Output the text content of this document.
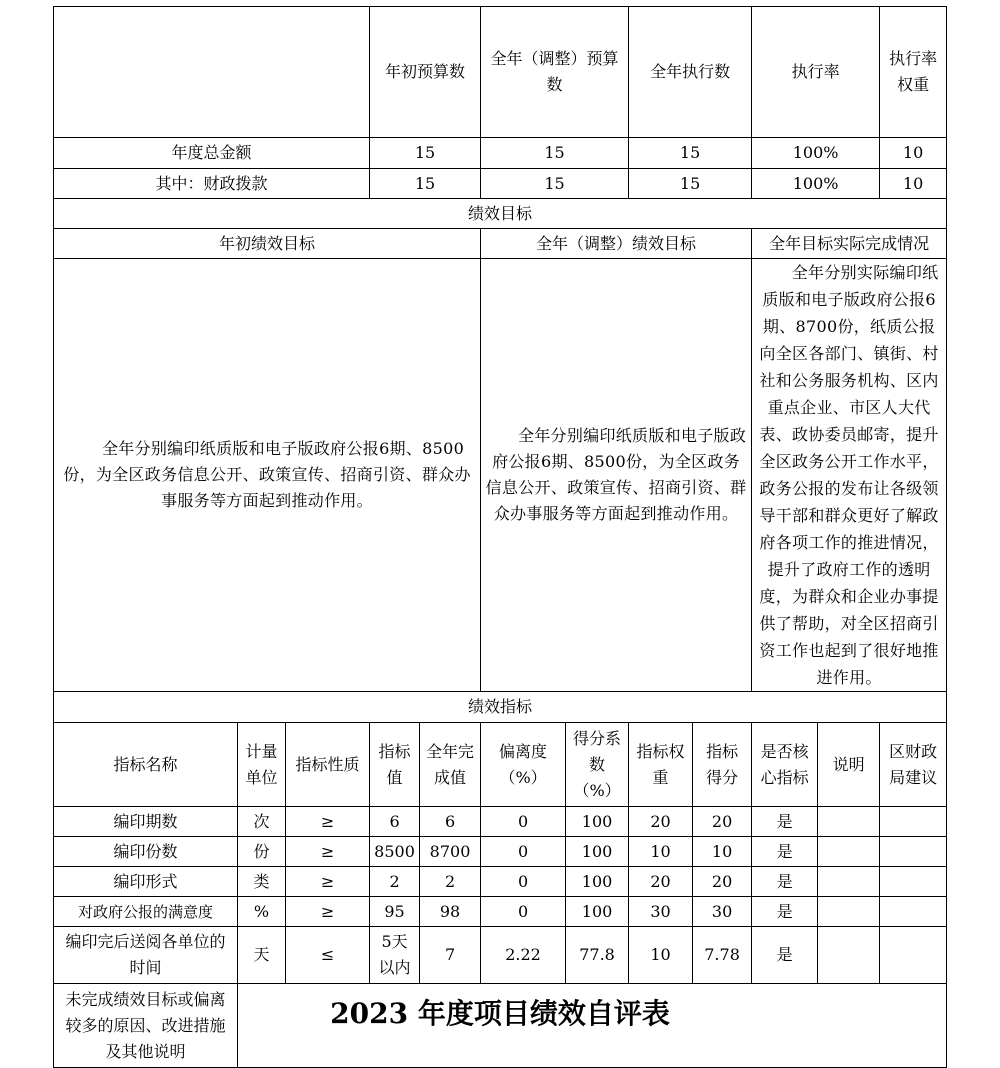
			年初预算数		全年（调整）预算数		全年执行数		执行率		执行率权重	
年度总金额			15		15		15		100%		10	
其中：财政拨款			15		15		15		100%		10	
绩效目标												
年初绩效目标					全年（调整）绩效目标				全年目标实际完成情况			

全年分别编印纸质版和电子版政府公报6期、8500份，为全区政务信息公开、政策宣传、招商引资、群众办事服务等方面起到推动作用。					全年分别编印纸质版和电子版政府公报6期、8500份，为全区政务信息公开、政策宣传、招商引资、群众办事服务等方面起到推动作用。				全年分别实际编印纸质版和电子版政府公报6期、8700份，纸质公报向全区各部门、镇街、村社和公务服务机构、区内重点企业、市区人大代表、政协委员邮寄，提升全区政务公开工作水平，政务公报的发布让各级领导干部和群众更好了解政府各项工作的推进情况，提升了政府工作的透明度，为群众和企业办事提供了帮助，对全区招商引资工作也起到了很好地推进作用。			

绩效指标												
指标名称	计量单位	指标性质	指标值	全年完成值	偏离度（%）	得分系数（%）	指标权重	指标得分	是否核心指标	说明	区财政局建议	
编印期数	次	≥	6	6	0	100	20	20	是			
编印份数	份	≥	8500	8700	0	100	10	10	是			
编印形式	类	≥	2	2	0	100	20	20	是			
对政府公报的满意度	%	≥	95	98	0	100	30	30	是			
编印完后送阅各单位的时间	天	≤	5天以内	7	2.22	77.8	10	7.78	是			
未完成绩效目标或偏离较多的原因、改进措施及其他说明												
2023 年度项目绩效自评表
